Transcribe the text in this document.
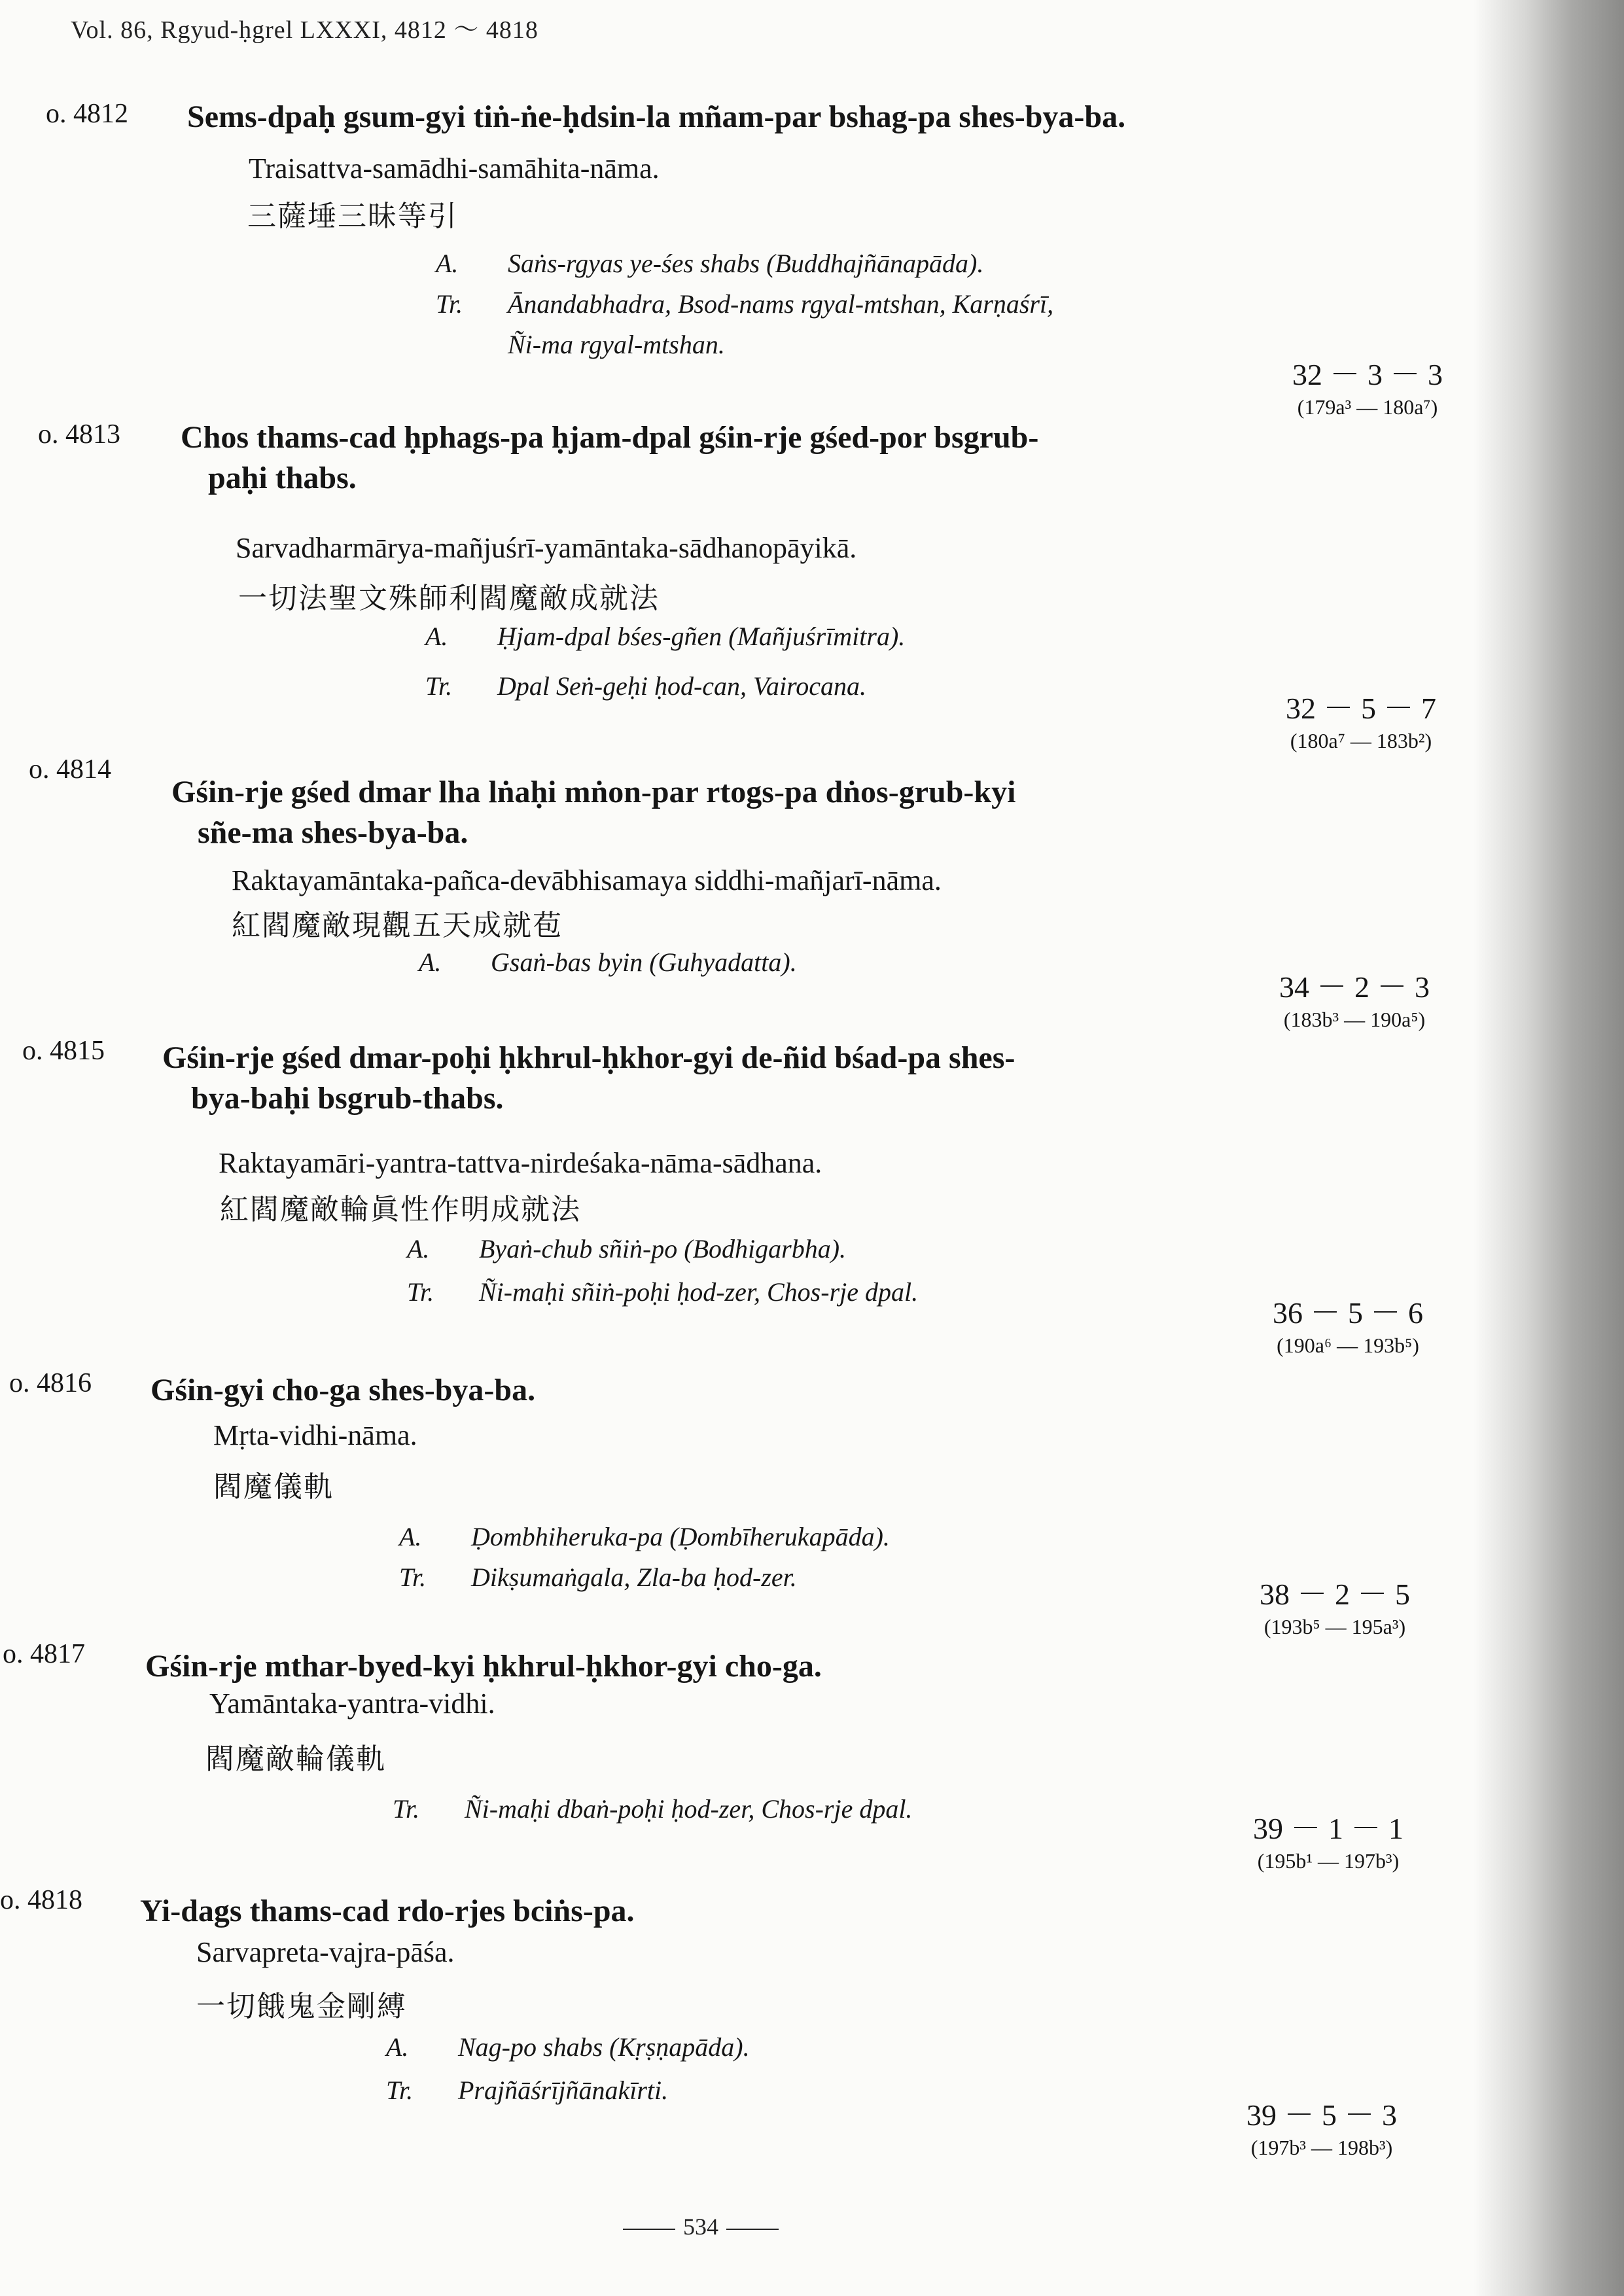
Vol. 86, Rgyud-ḥgrel LXXXI, 4812 ～ 4818
o. 4812 Sems-dpaḥ gsum-gyi tiṅ-ṅe-ḥdsin-la mñam-par bshag-pa shes-bya-ba.
Traisattva-samādhi-samāhita-nāma.
三薩埵三昧等引
A. Saṅs-rgyas ye-śes shabs (Buddhajñānapāda).
Tr. Ānandabhadra, Bsod-nams rgyal-mtshan, Karṇaśrī,
Ñi-ma rgyal-mtshan.
32 － 3 － 3
(179a³ — 180a⁷)
o. 4813 Chos thams-cad ḥphags-pa ḥjam-dpal gśin-rje gśed-por bsgrub-
paḥi thabs.
Sarvadharmārya-mañjuśrī-yamāntaka-sādhanopāyikā.
一切法聖文殊師利閻魔敵成就法
A. Ḥjam-dpal bśes-gñen (Mañjuśrīmitra).
Tr. Dpal Seṅ-geḥi ḥod-can, Vairocana.
32 － 5 － 7
(180a⁷ — 183b²)
o. 4814
Gśin-rje gśed dmar lha lṅaḥi mṅon-par rtogs-pa dṅos-grub-kyi
sñe-ma shes-bya-ba.
Raktayamāntaka-pañca-devābhisamaya siddhi-mañjarī-nāma.
紅閻魔敵現觀五天成就苞
A. Gsaṅ-bas byin (Guhyadatta).
34 － 2 － 3
(183b³ — 190a⁵)
o. 4815 Gśin-rje gśed dmar-poḥi ḥkhrul-ḥkhor-gyi de-ñid bśad-pa shes-
bya-baḥi bsgrub-thabs.
Raktayamāri-yantra-tattva-nirdeśaka-nāma-sādhana.
紅閻魔敵輪眞性作明成就法
A. Byaṅ-chub sñiṅ-po (Bodhigarbha).
Tr. Ñi-maḥi sñiṅ-poḥi ḥod-zer, Chos-rje dpal.
36 － 5 － 6
(190a⁶ — 193b⁵)
o. 4816 Gśin-gyi cho-ga shes-bya-ba.
Mṛta-vidhi-nāma.
閻魔儀軌
A. Ḍombhiheruka-pa (Ḍombīherukapāda).
Tr. Dikṣumaṅgala, Zla-ba ḥod-zer.
38 － 2 － 5
(193b⁵ — 195a³)
o. 4817 Gśin-rje mthar-byed-kyi ḥkhrul-ḥkhor-gyi cho-ga.
Yamāntaka-yantra-vidhi.
閻魔敵輪儀軌
Tr. Ñi-maḥi dbaṅ-poḥi ḥod-zer, Chos-rje dpal.
39 － 1 － 1
(195b¹ — 197b³)
o. 4818 Yi-dags thams-cad rdo-rjes bciṅs-pa.
Sarvapreta-vajra-pāśa.
一切餓鬼金剛縛
A. Nag-po shabs (Kṛṣṇapāda).
Tr. Prajñāśrījñānakīrti.
39 － 5 － 3
(197b³ — 198b³)
534
